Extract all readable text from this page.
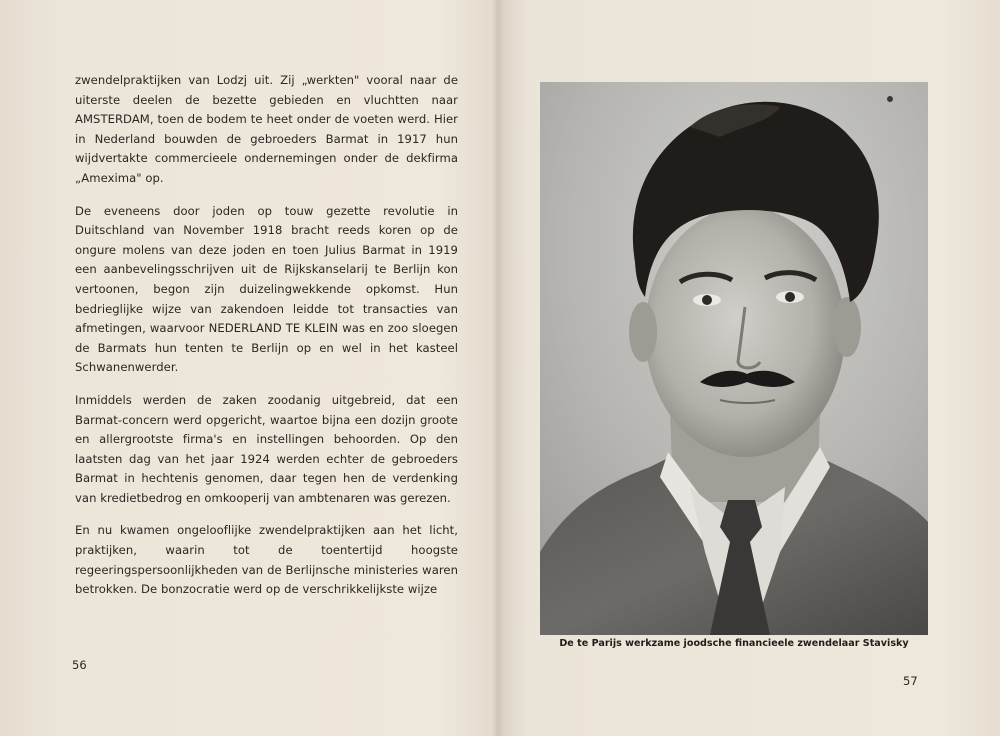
zwendelpraktijken van Lodzj uit. Zij „werkten" vooral naar de uiterste deelen de bezette gebieden en vluchtten naar AMSTERDAM, toen de bodem te heet onder de voeten werd. Hier in Nederland bouwden de gebroeders Barmat in 1917 hun wijdvertakte commercieele ondernemingen onder de dekfirma „Amexima" op.

De eveneens door joden op touw gezette revolutie in Duitschland van November 1918 bracht reeds koren op de ongure molens van deze joden en toen Julius Barmat in 1919 een aanbevelingsschrijven uit de Rijkskanselarij te Berlijn kon vertoonen, begon zijn duizelingwekkende opkomst. Hun bedrieglijke wijze van zakendoen leidde tot transacties van afmetingen, waarvoor NEDERLAND TE KLEIN was en zoo sloegen de Barmats hun tenten te Berlijn op en wel in het kasteel Schwanenwerder.

Inmiddels werden de zaken zoodanig uitgebreid, dat een Barmat-concern werd opgericht, waartoe bijna een dozijn groote en allergrootste firma's en instellingen behoorden. Op den laatsten dag van het jaar 1924 werden echter de gebroeders Barmat in hechtenis genomen, daar tegen hen de verdenking van kredietbedrog en omkooperij van ambtenaren was gerezen.

En nu kwamen ongelooflijke zwendelpraktijken aan het licht, praktijken, waarin tot de toentertijd hoogste regeeringspersoonlijkheden van de Berlijnsche ministeries waren betrokken. De bonzocratie werd op de verschrikkelijkste wijze

56
De te Parijs werkzame joodsche financieele zwendelaar Stavisky
57
